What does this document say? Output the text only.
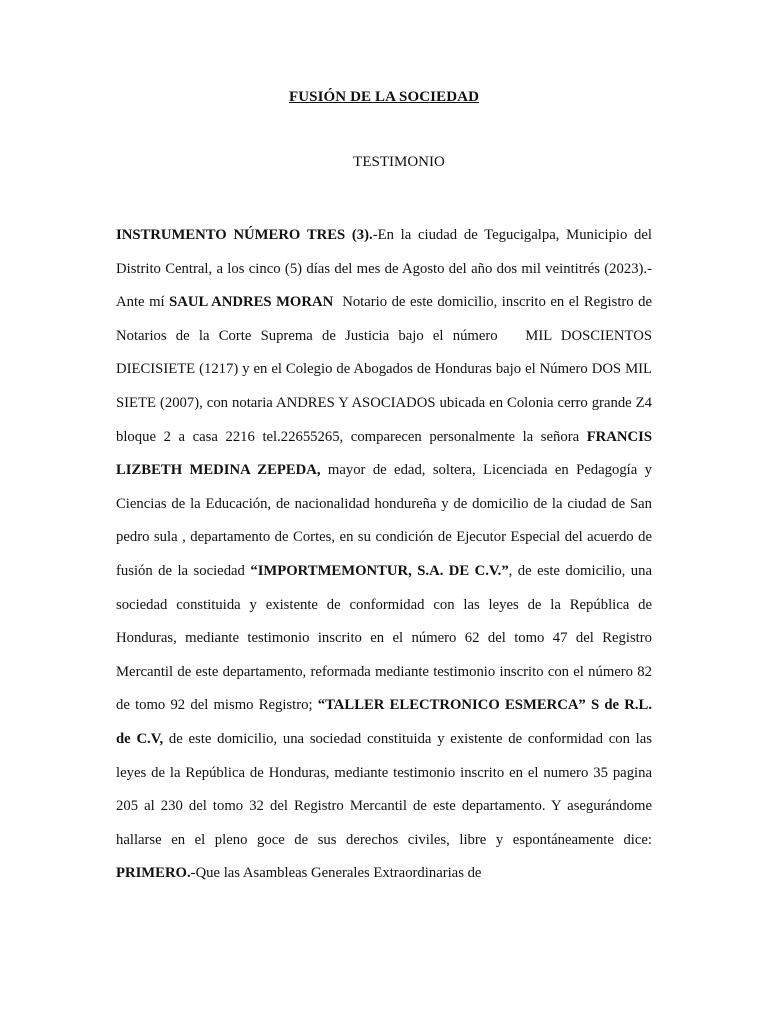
FUSIÓN DE LA SOCIEDAD
TESTIMONIO
INSTRUMENTO NÚMERO TRES (3).-En la ciudad de Tegucigalpa, Municipio del Distrito Central, a los cinco (5) días del mes de Agosto del año dos mil veintitrés (2023).- Ante mí SAUL ANDRES MORAN  Notario de este domicilio, inscrito en el Registro de Notarios de la Corte Suprema de Justicia bajo el número   MIL DOSCIENTOS  DIECISIETE (1217) y en el Colegio de Abogados de Honduras bajo el Número DOS MIL SIETE (2007), con notaria ANDRES Y ASOCIADOS ubicada en Colonia cerro grande Z4 bloque 2 a casa 2216 tel.22655265, comparecen personalmente la señora FRANCIS LIZBETH MEDINA ZEPEDA, mayor de edad, soltera, Licenciada en Pedagogía y Ciencias de la Educación, de nacionalidad hondureña y de domicilio de la ciudad de San pedro sula , departamento de Cortes, en su condición de Ejecutor Especial del acuerdo de fusión de la sociedad “IMPORTMEMONTUR, S.A. DE C.V.”, de este domicilio, una sociedad constituida y existente de conformidad con las leyes de la República de Honduras, mediante testimonio inscrito en el número 62 del tomo 47 del Registro Mercantil de este departamento, reformada mediante testimonio inscrito con el número 82 de tomo 92 del mismo Registro; “TALLER ELECTRONICO ESMERCA” S de R.L. de C.V, de este domicilio, una sociedad constituida y existente de conformidad con las leyes de la República de Honduras, mediante testimonio inscrito en el numero 35 pagina 205 al 230 del tomo 32 del Registro Mercantil de este departamento. Y asegurándome hallarse en el pleno goce de sus derechos civiles, libre y espontáneamente dice: PRIMERO.-Que las Asambleas Generales Extraordinarias de
